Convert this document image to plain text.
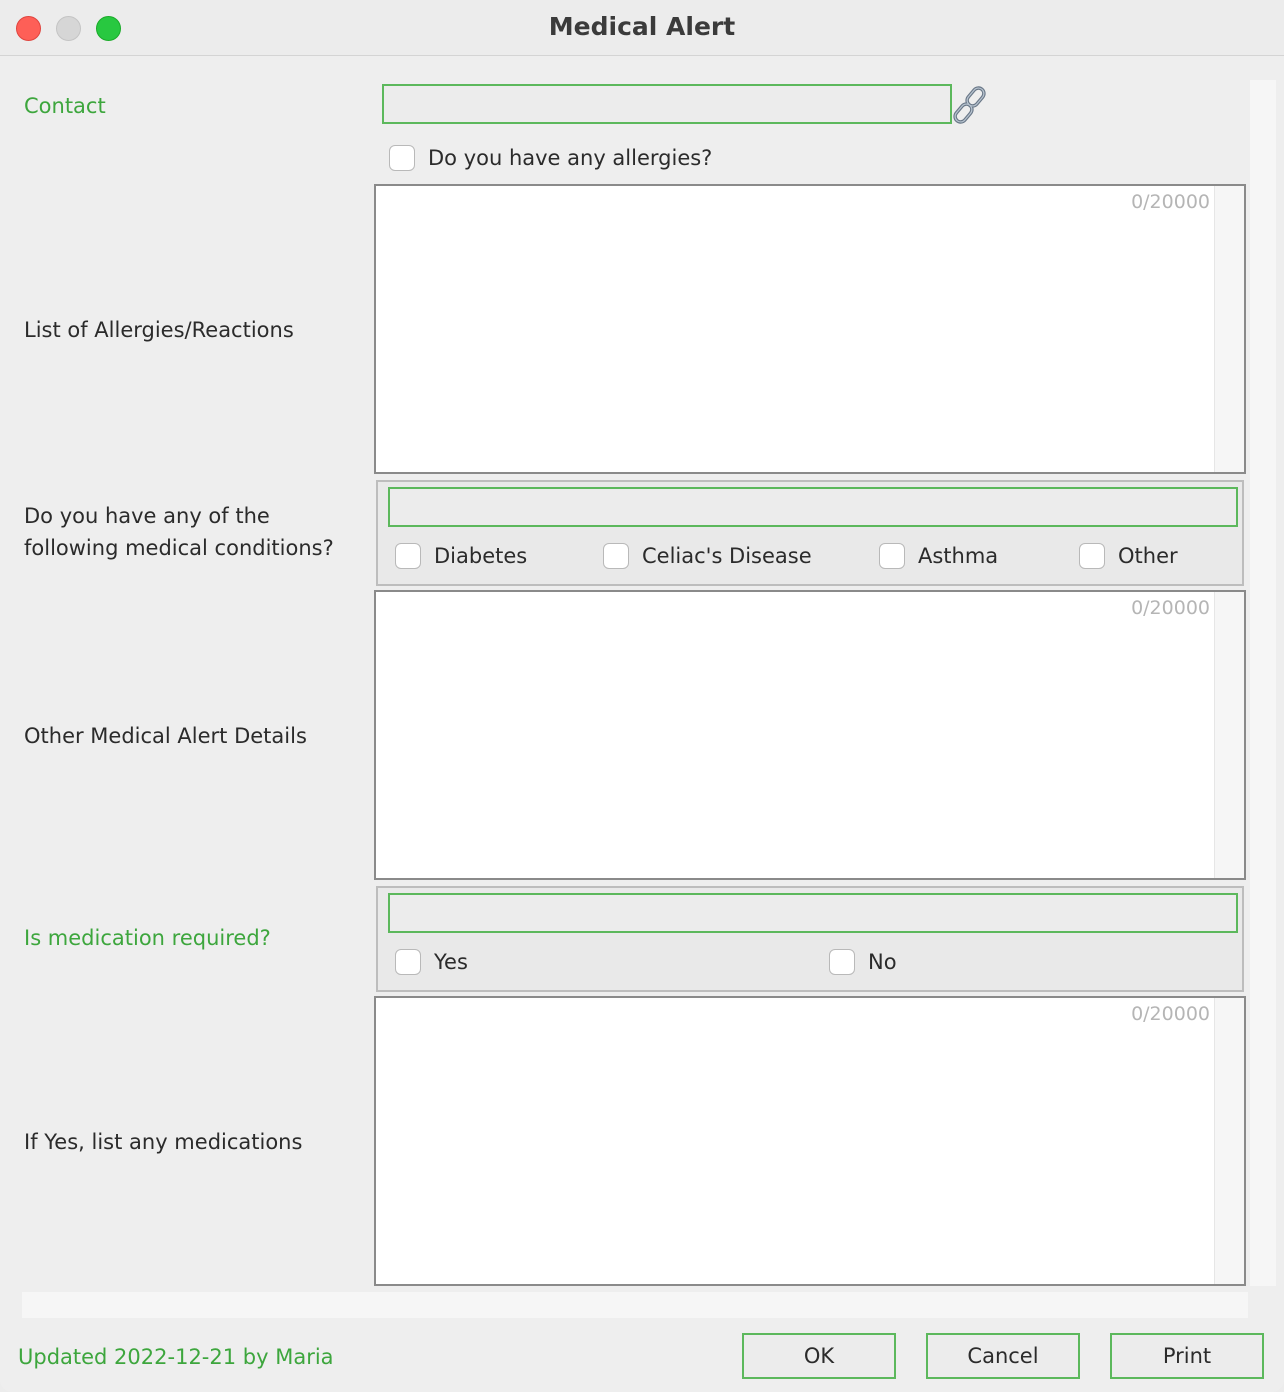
Medical Alert
Contact
Do you have any allergies?
List of Allergies/Reactions
0/20000
Do you have any of the following medical conditions?	Diabetes	Celiac's Disease	Asthma	Other
Other Medical Alert Details
0/20000
Is medication required?
Yes	No
If Yes, list any medications
0/20000
Updated 2022-12-21 by Maria	OK	Cancel	Print
